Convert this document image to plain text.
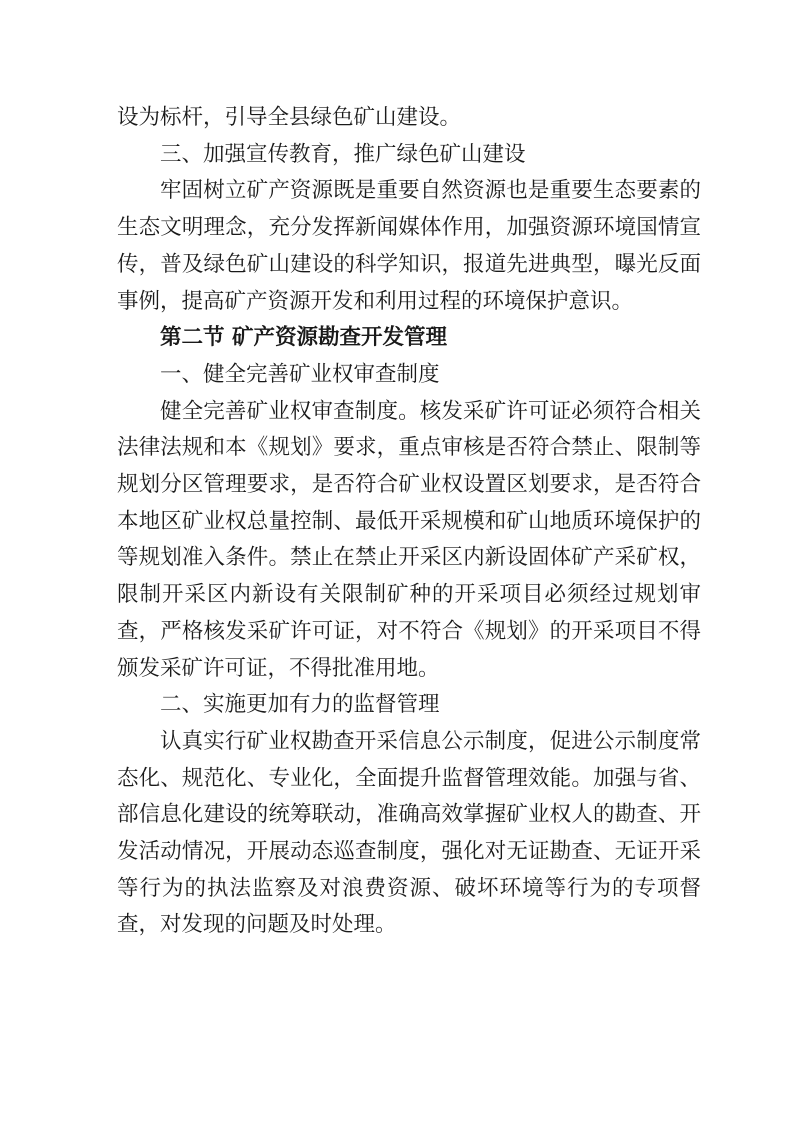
设为标杆，引导全县绿色矿山建设。

三、加强宣传教育，推广绿色矿山建设

牢固树立矿产资源既是重要自然资源也是重要生态要素的生态文明理念，充分发挥新闻媒体作用，加强资源环境国情宣传，普及绿色矿山建设的科学知识，报道先进典型，曝光反面事例，提高矿产资源开发和利用过程的环境保护意识。

第二节 矿产资源勘查开发管理

一、健全完善矿业权审查制度

健全完善矿业权审查制度。核发采矿许可证必须符合相关法律法规和本《规划》要求，重点审核是否符合禁止、限制等规划分区管理要求，是否符合矿业权设置区划要求，是否符合本地区矿业权总量控制、最低开采规模和矿山地质环境保护的等规划准入条件。禁止在禁止开采区内新设固体矿产采矿权，限制开采区内新设有关限制矿种的开采项目必须经过规划审查，严格核发采矿许可证，对不符合《规划》的开采项目不得颁发采矿许可证，不得批准用地。

二、实施更加有力的监督管理

认真实行矿业权勘查开采信息公示制度，促进公示制度常态化、规范化、专业化，全面提升监督管理效能。加强与省、部信息化建设的统筹联动，准确高效掌握矿业权人的勘查、开发活动情况，开展动态巡查制度，强化对无证勘查、无证开采等行为的执法监察及对浪费资源、破坏环境等行为的专项督查，对发现的问题及时处理。
